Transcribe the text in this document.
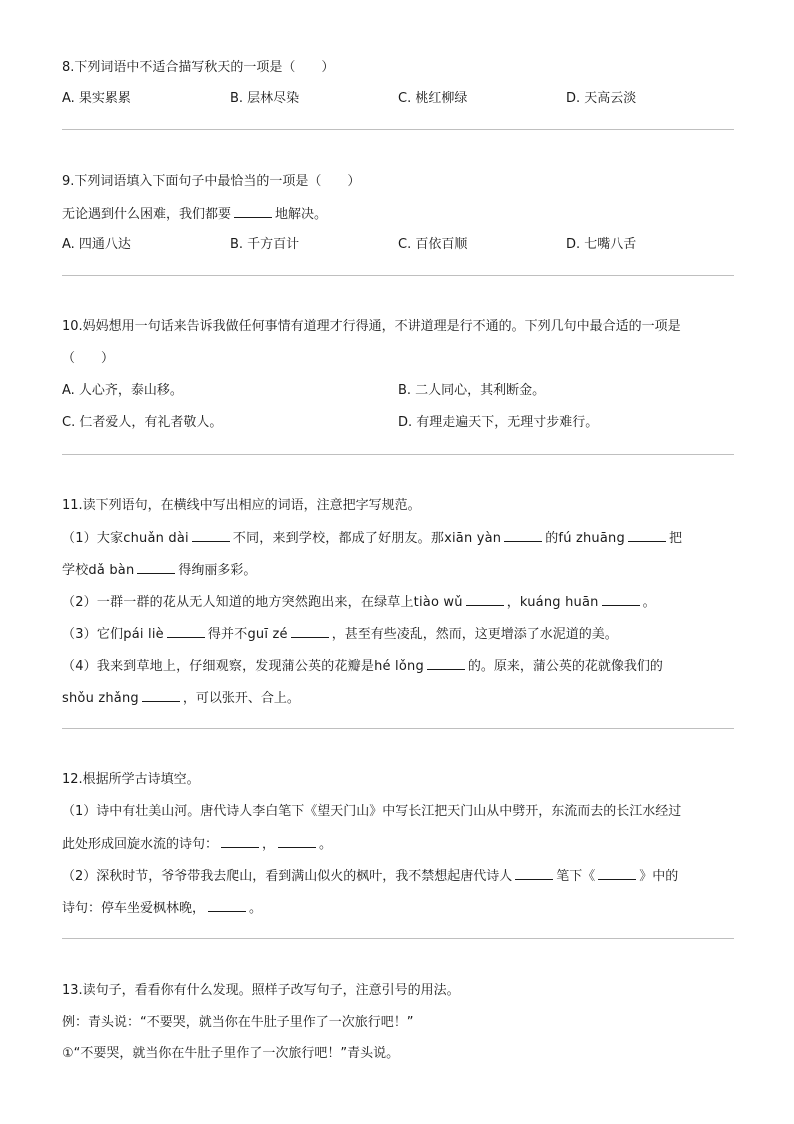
8.下列词语中不适合描写秋天的一项是（　　）
A. 果实累累	B. 层林尽染	C. 桃红柳绿	D. 天高云淡
9.下列词语填入下面句子中最恰当的一项是（　　）
无论遇到什么困难，我们都要	地解决。
A. 四通八达	B. 千方百计	C. 百依百顺	D. 七嘴八舌
10.妈妈想用一句话来告诉我做任何事情有道理才行得通，不讲道理是行不通的。下列几句中最合适的一项是
（　　）
A. 人心齐，泰山移。	B. 二人同心，其利断金。
C. 仁者爱人，有礼者敬人。	D. 有理走遍天下，无理寸步难行。
11.读下列语句，在横线中写出相应的词语，注意把字写规范。
（1）大家chuǎn dài	不同，来到学校，都成了好朋友。那xiān yàn	的fú zhuāng	把
学校dǎ bàn	得绚丽多彩。
（2）一群一群的花从无人知道的地方突然跑出来，在绿草上tiào wǔ	，kuáng huān	。
（3）它们pái liè	得并不guī zé	，甚至有些凌乱，然而，这更增添了水泥道的美。
（4）我来到草地上，仔细观察，发现蒲公英的花瓣是hé lǒng	的。原来，蒲公英的花就像我们的
shǒu zhǎng	，可以张开、合上。
12.根据所学古诗填空。
（1）诗中有壮美山河。唐代诗人李白笔下《望天门山》中写长江把天门山从中劈开，东流而去的长江水经过
此处形成回旋水流的诗句：	，	。
（2）深秋时节，爷爷带我去爬山，看到满山似火的枫叶，我不禁想起唐代诗人	笔下《	》中的
诗句：停车坐爱枫林晚，	。
13.读句子，看看你有什么发现。照样子改写句子，注意引号的用法。
例：青头说：“不要哭，就当你在牛肚子里作了一次旅行吧！”
①“不要哭，就当你在牛肚子里作了一次旅行吧！”青头说。
